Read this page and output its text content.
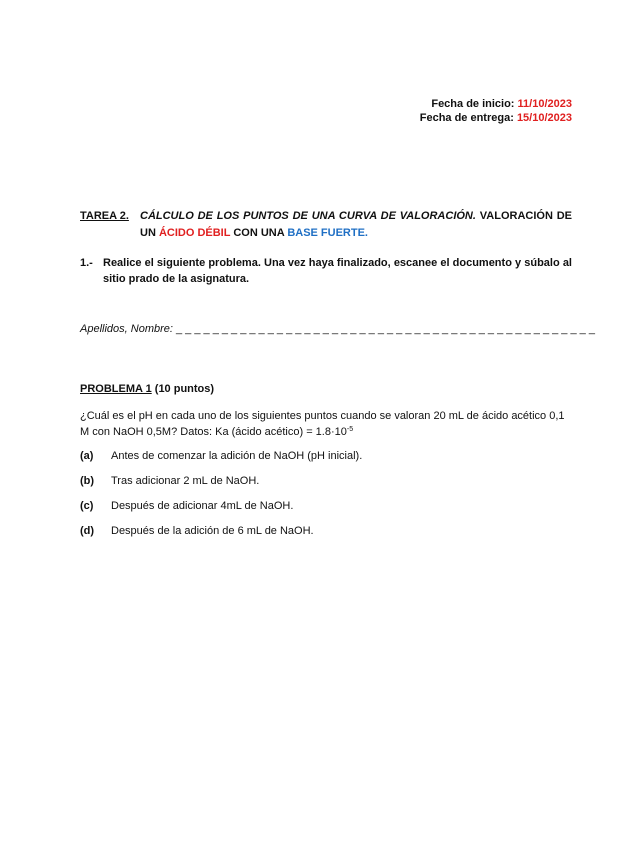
Fecha de inicio: 11/10/2023
Fecha de entrega: 15/10/2023
TAREA 2. CÁLCULO DE LOS PUNTOS DE UNA CURVA DE VALORACIÓN. VALORACIÓN DE UN ÁCIDO DÉBIL CON UNA BASE FUERTE.
1.- Realice el siguiente problema. Una vez haya finalizado, escanee el documento y súbalo al sitio prado de la asignatura.
Apellidos, Nombre: _ _ _ _ _ _ _ _ _ _ _ _ _ _ _ _ _ _ _ _ _ _ _ _ _ _ _ _ _ _ _ _ _ _ _ _ _ _ _ _ _ _ _ _ _ _
PROBLEMA 1 (10 puntos)
¿Cuál es el pH en cada uno de los siguientes puntos cuando se valoran 20 mL de ácido acético 0,1 M con NaOH 0,5M? Datos: Ka (ácido acético) = $1.8\cdot 10^{-5}$
(a) Antes de comenzar la adición de NaOH (pH inicial).
(b) Tras adicionar 2 mL de NaOH.
(c) Después de adicionar 4mL de NaOH.
(d) Después de la adición de 6 mL de NaOH.
